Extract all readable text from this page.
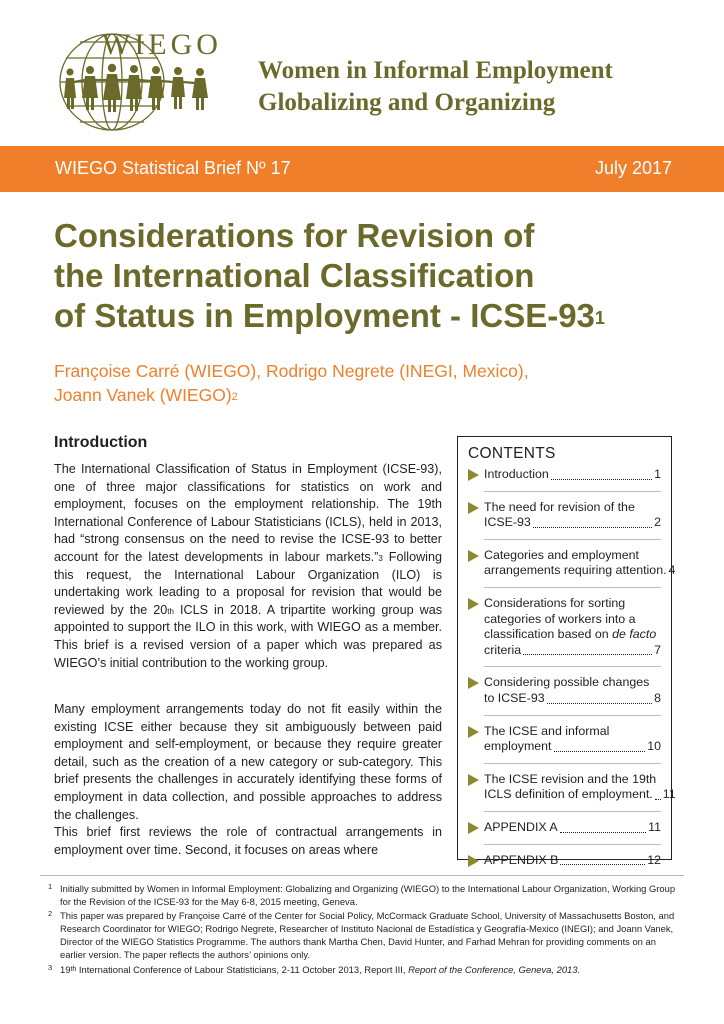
WIEGO
Women in Informal Employment
Globalizing and Organizing
WIEGO Statistical Brief Nº 17	July 2017
Considerations for Revision of
the International Classification
of Status in Employment - ICSE-$93^1$
Françoise Carré (WIEGO), Rodrigo Negrete (INEGI, Mexico),
Joann Vanek (WIEGO)$^2$
Introduction

The International Classification of Status in Employment (ICSE-93), one of three major classifications for statistics on work and employment, focuses on the employment relationship. The 19th International Conference of Labour Statisticians (ICLS), held in 2013, had “strong consensus on the need to revise the ICSE-93 to better account for the latest developments in labour markets.”$^3$ Following this request, the International Labour Organization (ILO) is undertaking work leading to a proposal for revision that would be reviewed by the 20th ICLS in 2018. A tripartite working group was appointed to support the ILO in this work, with WIEGO as a member. This brief is a revised version of a paper which was prepared as WIEGO’s initial contribution to the working group.

Many employment arrangements today do not fit easily within the existing ICSE either because they sit ambiguously between paid employment and self-employment, or because they require greater detail, such as the creation of a new category or sub-category. This brief presents the challenges in accurately identifying these forms of employment in data collection, and possible approaches to address the challenges.

This brief first reviews the role of contractual arrangements in employment over time. Second, it focuses on areas where

CONTENTS
Introduction	1
The need for revision of the
ICSE-93	2
Categories and employment
arrangements requiring attention. 4
Considerations for sorting
categories of workers into a
classification based on de facto
criteria	7
Considering possible changes
to ICSE-93	8
The ICSE and informal
employment	10
The ICSE revision and the 19th
ICLS definition of employment. 11
APPENDIX A	11
APPENDIX B	12
1 Initially submitted by Women in Informal Employment: Globalizing and Organizing (WIEGO) to the International Labour Organization, Working Group for the Revision of the ICSE-93 for the May 6-8, 2015 meeting, Geneva.
2 This paper was prepared by Françoise Carré of the Center for Social Policy, McCormack Graduate School, University of Massachusetts Boston, and Research Coordinator for WIEGO; Rodrigo Negrete, Researcher of Instituto Nacional de Estadística y Geografía-Mexico (INEGI); and Joann Vanek, Director of the WIEGO Statistics Programme. The authors thank Martha Chen, David Hunter, and Farhad Mehran for providing comments on an earlier version. The paper reflects the authors’ opinions only.
3 19th International Conference of Labour Statisticians, 2-11 October 2013, Report III, Report of the Conference, Geneva, 2013.
